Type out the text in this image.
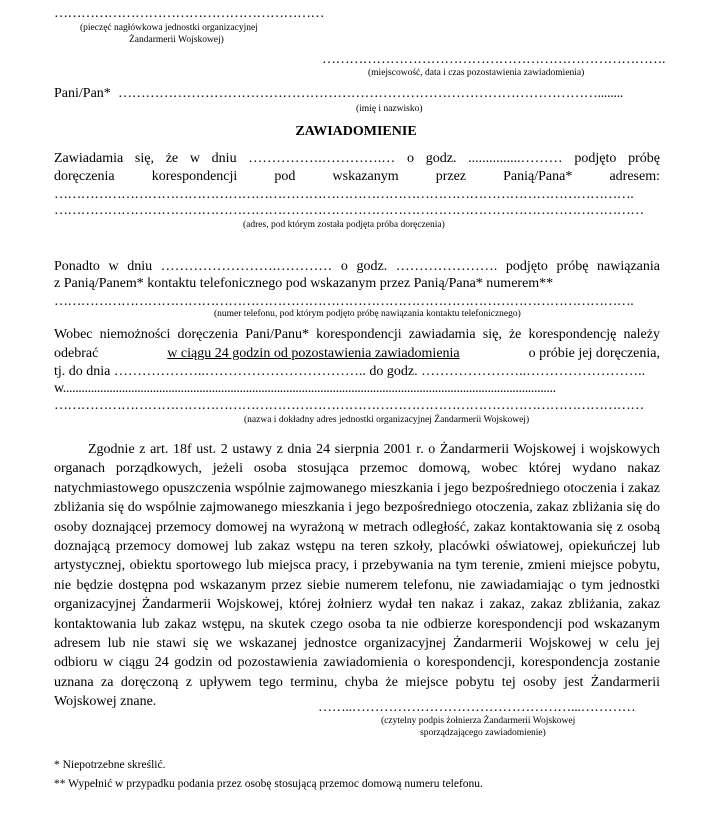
……………………………………………………
(pieczęć nagłówkowa jednostki organizacyjnej
Żandarmerii Wojskowej)
………………………………………………………………….
(miejscowość, data i czas pozostawienia zawiadomienia)
Pani/Pan* ……………………………………………………………………………………………........
(imię i nazwisko)
ZAWIADOMIENIE
Zawiadamia się, że w dniu …………….………….… o godz. ...............……… podjęto próbę
doręczenia korespondencji pod wskazanym przez Panią/Pana* adresem:
………………………………………………………………………………………………………………….
……………………………………………………………………………………………………………………
(adres, pod którym została podjęta próba doręczenia)
Ponadto w dniu …………………….………… o godz. …………………. podjęto próbę nawiązania
z Panią/Panem* kontaktu telefonicznego pod wskazanym przez Panią/Pana* numerem**
………………………………………………………………………………………………………………….
(numer telefonu, pod którym podjęto próbę nawiązania kontaktu telefonicznego)
Wobec niemożności doręczenia Pani/Panu* korespondencji zawiadamia się, że korespondencję należy
odebrać	w ciągu 24 godzin od pozostawienia zawiadomienia	o próbie jej doręczenia,
tj. do dnia ………………..…………………………….. do godz. …………………..……………………..
w...............................................................................................................................................................
……………………………………………………………………………………………………………………
(nazwa i dokładny adres jednostki organizacyjnej Żandarmerii Wojskowej)

Zgodnie z art. 18f ust. 2 ustawy z dnia 24 sierpnia 2001 r. o Żandarmerii Wojskowej i wojskowych organach porządkowych, jeżeli osoba stosująca przemoc domową, wobec której wydano nakaz natychmiastowego opuszczenia wspólnie zajmowanego mieszkania i jego bezpośredniego otoczenia i zakaz zbliżania się do wspólnie zajmowanego mieszkania i jego bezpośredniego otoczenia, zakaz zbliżania się do osoby doznającej przemocy domowej na wyrażoną w metrach odległość, zakaz kontaktowania się z osobą doznającą przemocy domowej lub zakaz wstępu na teren szkoły, placówki oświatowej, opiekuńczej lub artystycznej, obiektu sportowego lub miejsca pracy, i przebywania na tym terenie, zmieni miejsce pobytu, nie będzie dostępna pod wskazanym przez siebie numerem telefonu, nie zawiadamiając o tym jednostki organizacyjnej Żandarmerii Wojskowej, której żołnierz wydał ten nakaz i zakaz, zakaz zbliżania, zakaz kontaktowania lub zakaz wstępu, na skutek czego osoba ta nie odbierze korespondencji pod wskazanym adresem lub nie stawi się we wskazanej jednostce organizacyjnej Żandarmerii Wojskowej w celu jej odbioru w ciągu 24 godzin od pozostawienia zawiadomienia o korespondencji, korespondencja zostanie uznana za doręczoną z upływem tego terminu, chyba że miejsce pobytu tej osoby jest Żandarmerii Wojskowej znane.	……..…………………………………………...…………
(czytelny podpis żołnierza Żandarmerii Wojskowej
sporządzającego zawiadomienie)
* Niepotrzebne skreślić.
** Wypełnić w przypadku podania przez osobę stosującą przemoc domową numeru telefonu.
